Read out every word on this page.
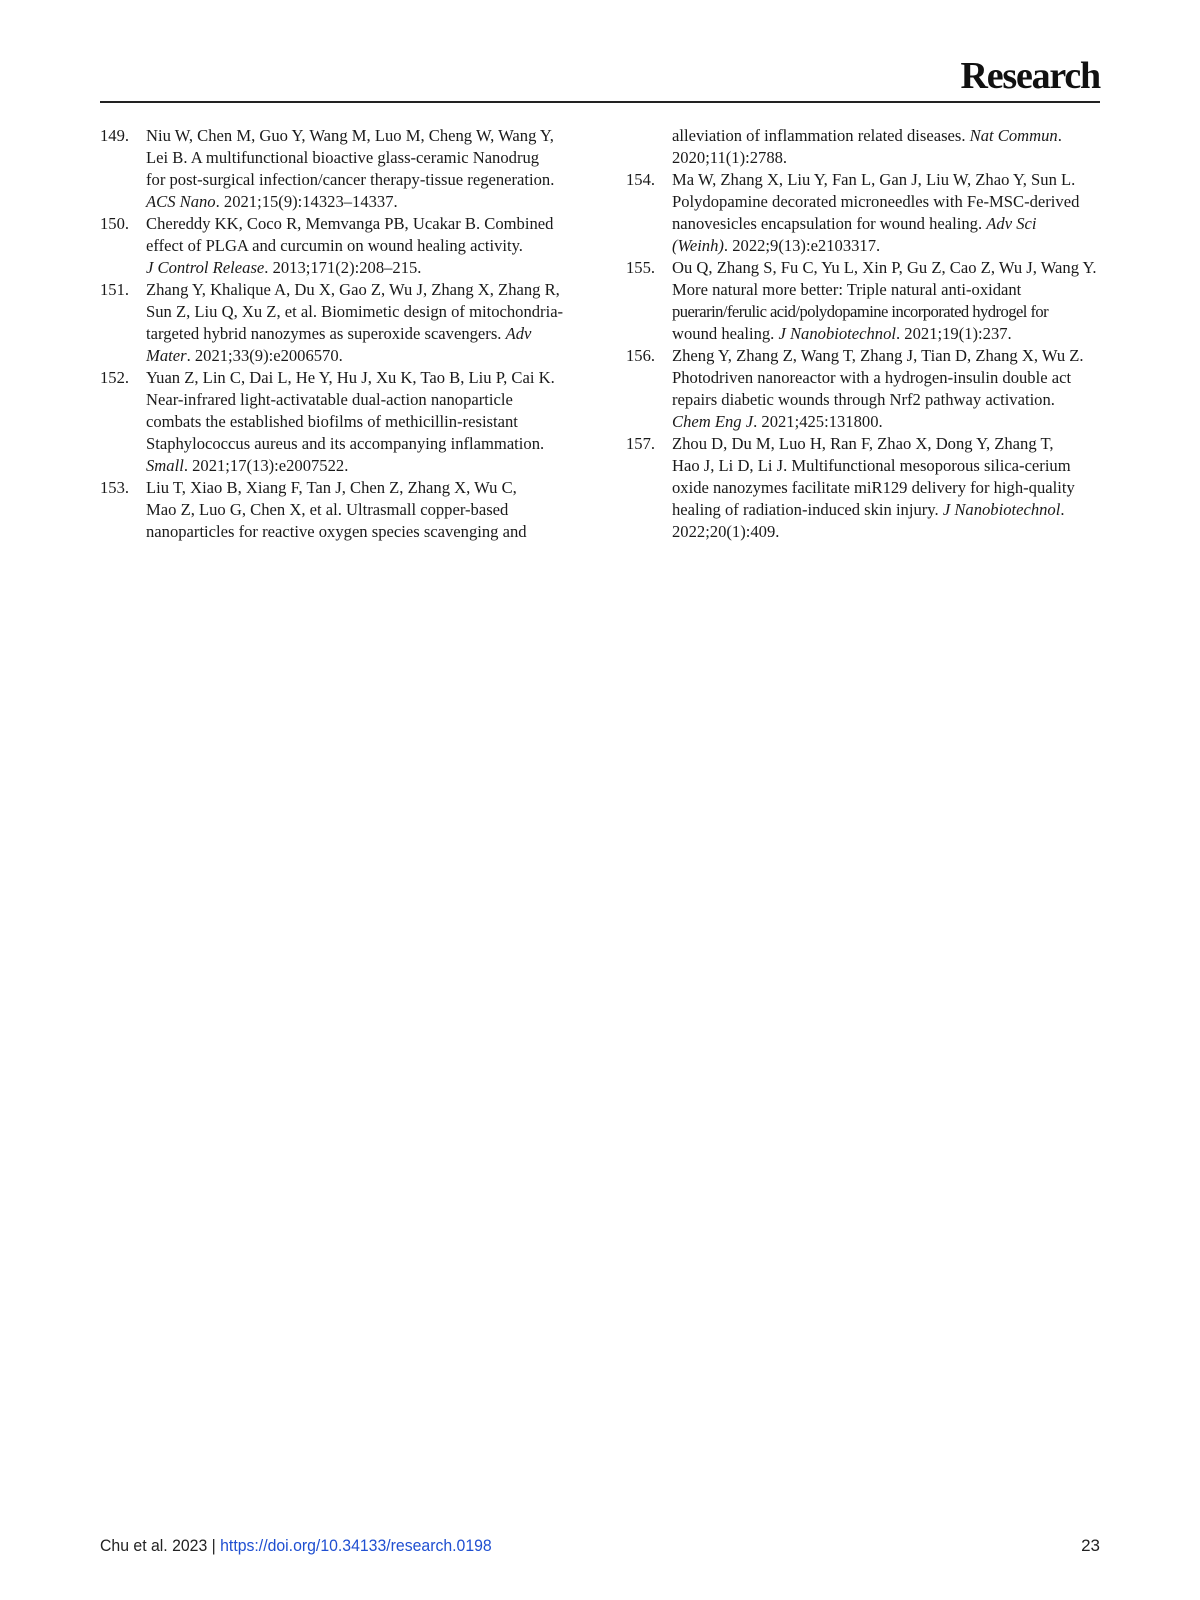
Research
149.	Niu W, Chen M, Guo Y, Wang M, Luo M, Cheng W, Wang Y,
Lei B. A multifunctional bioactive glass-ceramic Nanodrug
for post-surgical infection/cancer therapy-tissue regeneration.
ACS Nano. 2021;15(9):14323–14337.
150.	Chereddy KK, Coco R, Memvanga PB, Ucakar B. Combined
effect of PLGA and curcumin on wound healing activity.
J Control Release. 2013;171(2):208–215.
151.	Zhang Y, Khalique A, Du X, Gao Z, Wu J, Zhang X, Zhang R,
Sun Z, Liu Q, Xu Z, et al. Biomimetic design of mitochondria-
targeted hybrid nanozymes as superoxide scavengers. Adv
Mater. 2021;33(9):e2006570.
152.	Yuan Z, Lin C, Dai L, He Y, Hu J, Xu K, Tao B, Liu P, Cai K.
Near-infrared light-activatable dual-action nanoparticle
combats the established biofilms of methicillin-resistant
Staphylococcus aureus and its accompanying inflammation.
Small. 2021;17(13):e2007522.
153.	Liu T, Xiao B, Xiang F, Tan J, Chen Z, Zhang X, Wu C,
Mao Z, Luo G, Chen X, et al. Ultrasmall copper-based
nanoparticles for reactive oxygen species scavenging and
alleviation of inflammation related diseases. Nat Commun.
2020;11(1):2788.
154.	Ma W, Zhang X, Liu Y, Fan L, Gan J, Liu W, Zhao Y, Sun L.
Polydopamine decorated microneedles with Fe-MSC-derived
nanovesicles encapsulation for wound healing. Adv Sci
(Weinh). 2022;9(13):e2103317.
155.	Ou Q, Zhang S, Fu C, Yu L, Xin P, Gu Z, Cao Z, Wu J, Wang Y.
More natural more better: Triple natural anti-oxidant
puerarin/ferulic acid/polydopamine incorporated hydrogel for
wound healing. J Nanobiotechnol. 2021;19(1):237.
156.	Zheng Y, Zhang Z, Wang T, Zhang J, Tian D, Zhang X, Wu Z.
Photodriven nanoreactor with a hydrogen-insulin double act
repairs diabetic wounds through Nrf2 pathway activation.
Chem Eng J. 2021;425:131800.
157.	Zhou D, Du M, Luo H, Ran F, Zhao X, Dong Y, Zhang T,
Hao J, Li D, Li J. Multifunctional mesoporous silica-cerium
oxide nanozymes facilitate miR129 delivery for high-quality
healing of radiation-induced skin injury. J Nanobiotechnol.
2022;20(1):409.
Chu et al. 2023 | https://doi.org/10.34133/research.0198	23
